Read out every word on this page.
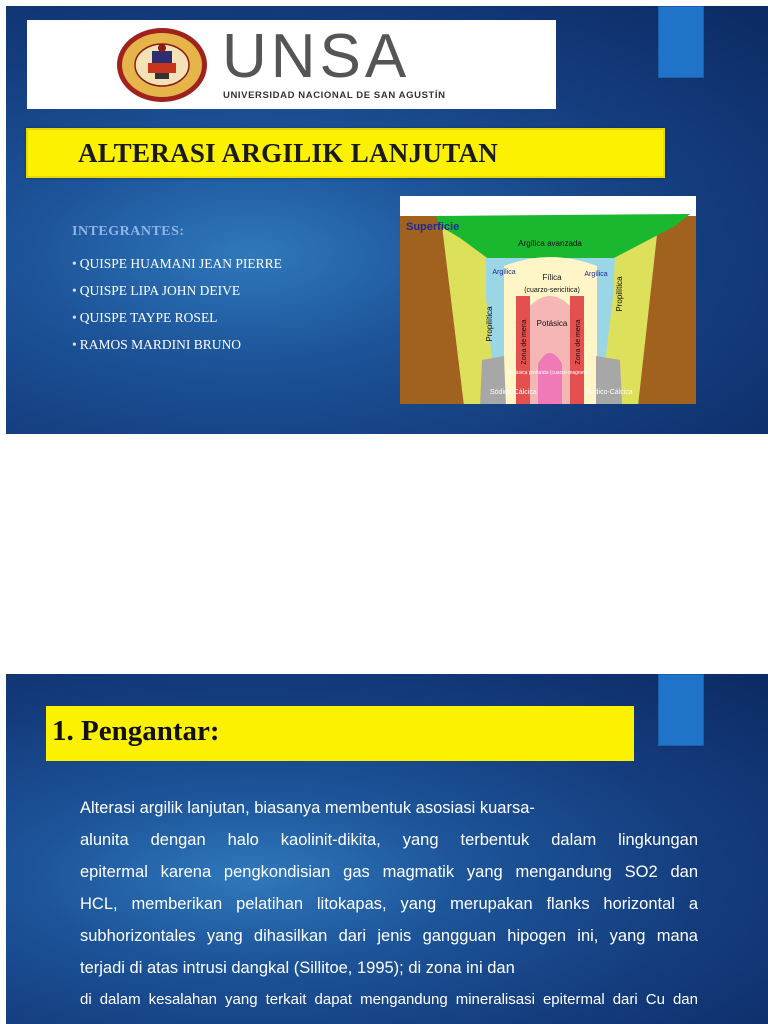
UNSA
UNIVERSIDAD NACIONAL DE SAN AGUSTÍN
ALTERASI ARGILIK LANJUTAN
INTEGRANTES:
• QUISPE HUAMANI JEAN PIERRE
• QUISPE LIPA JOHN DEIVE
• QUISPE TAYPE ROSEL
• RAMOS MARDINI BRUNO
Superficie
Argílica avanzada
Argílica	Argílica
Fílica
(cuarzo-sericítica)
Potásica
Propilítica
Propilítica
Zona de mena	Zona de mena
Potásica profunda (cuarzo-magnetita)
Sódico-Cálcica	Sódico-Cálcica
1. Pengantar:
Alterasi argilik lanjutan, biasanya membentuk asosiasi kuarsa-
alunita dengan halo kaolinit-dikita, yang terbentuk dalam lingkungan
epitermal karena pengkondisian gas magmatik yang mengandung SO2 dan
HCL, memberikan pelatihan litokapas, yang merupakan flanks horizontal a
subhorizontales yang dihasilkan dari jenis gangguan hipogen ini, yang mana
terjadi di atas intrusi dangkal (Sillitoe, 1995); di zona ini dan
di dalam kesalahan yang terkait dapat mengandung mineralisasi epitermal dari Cu dan
